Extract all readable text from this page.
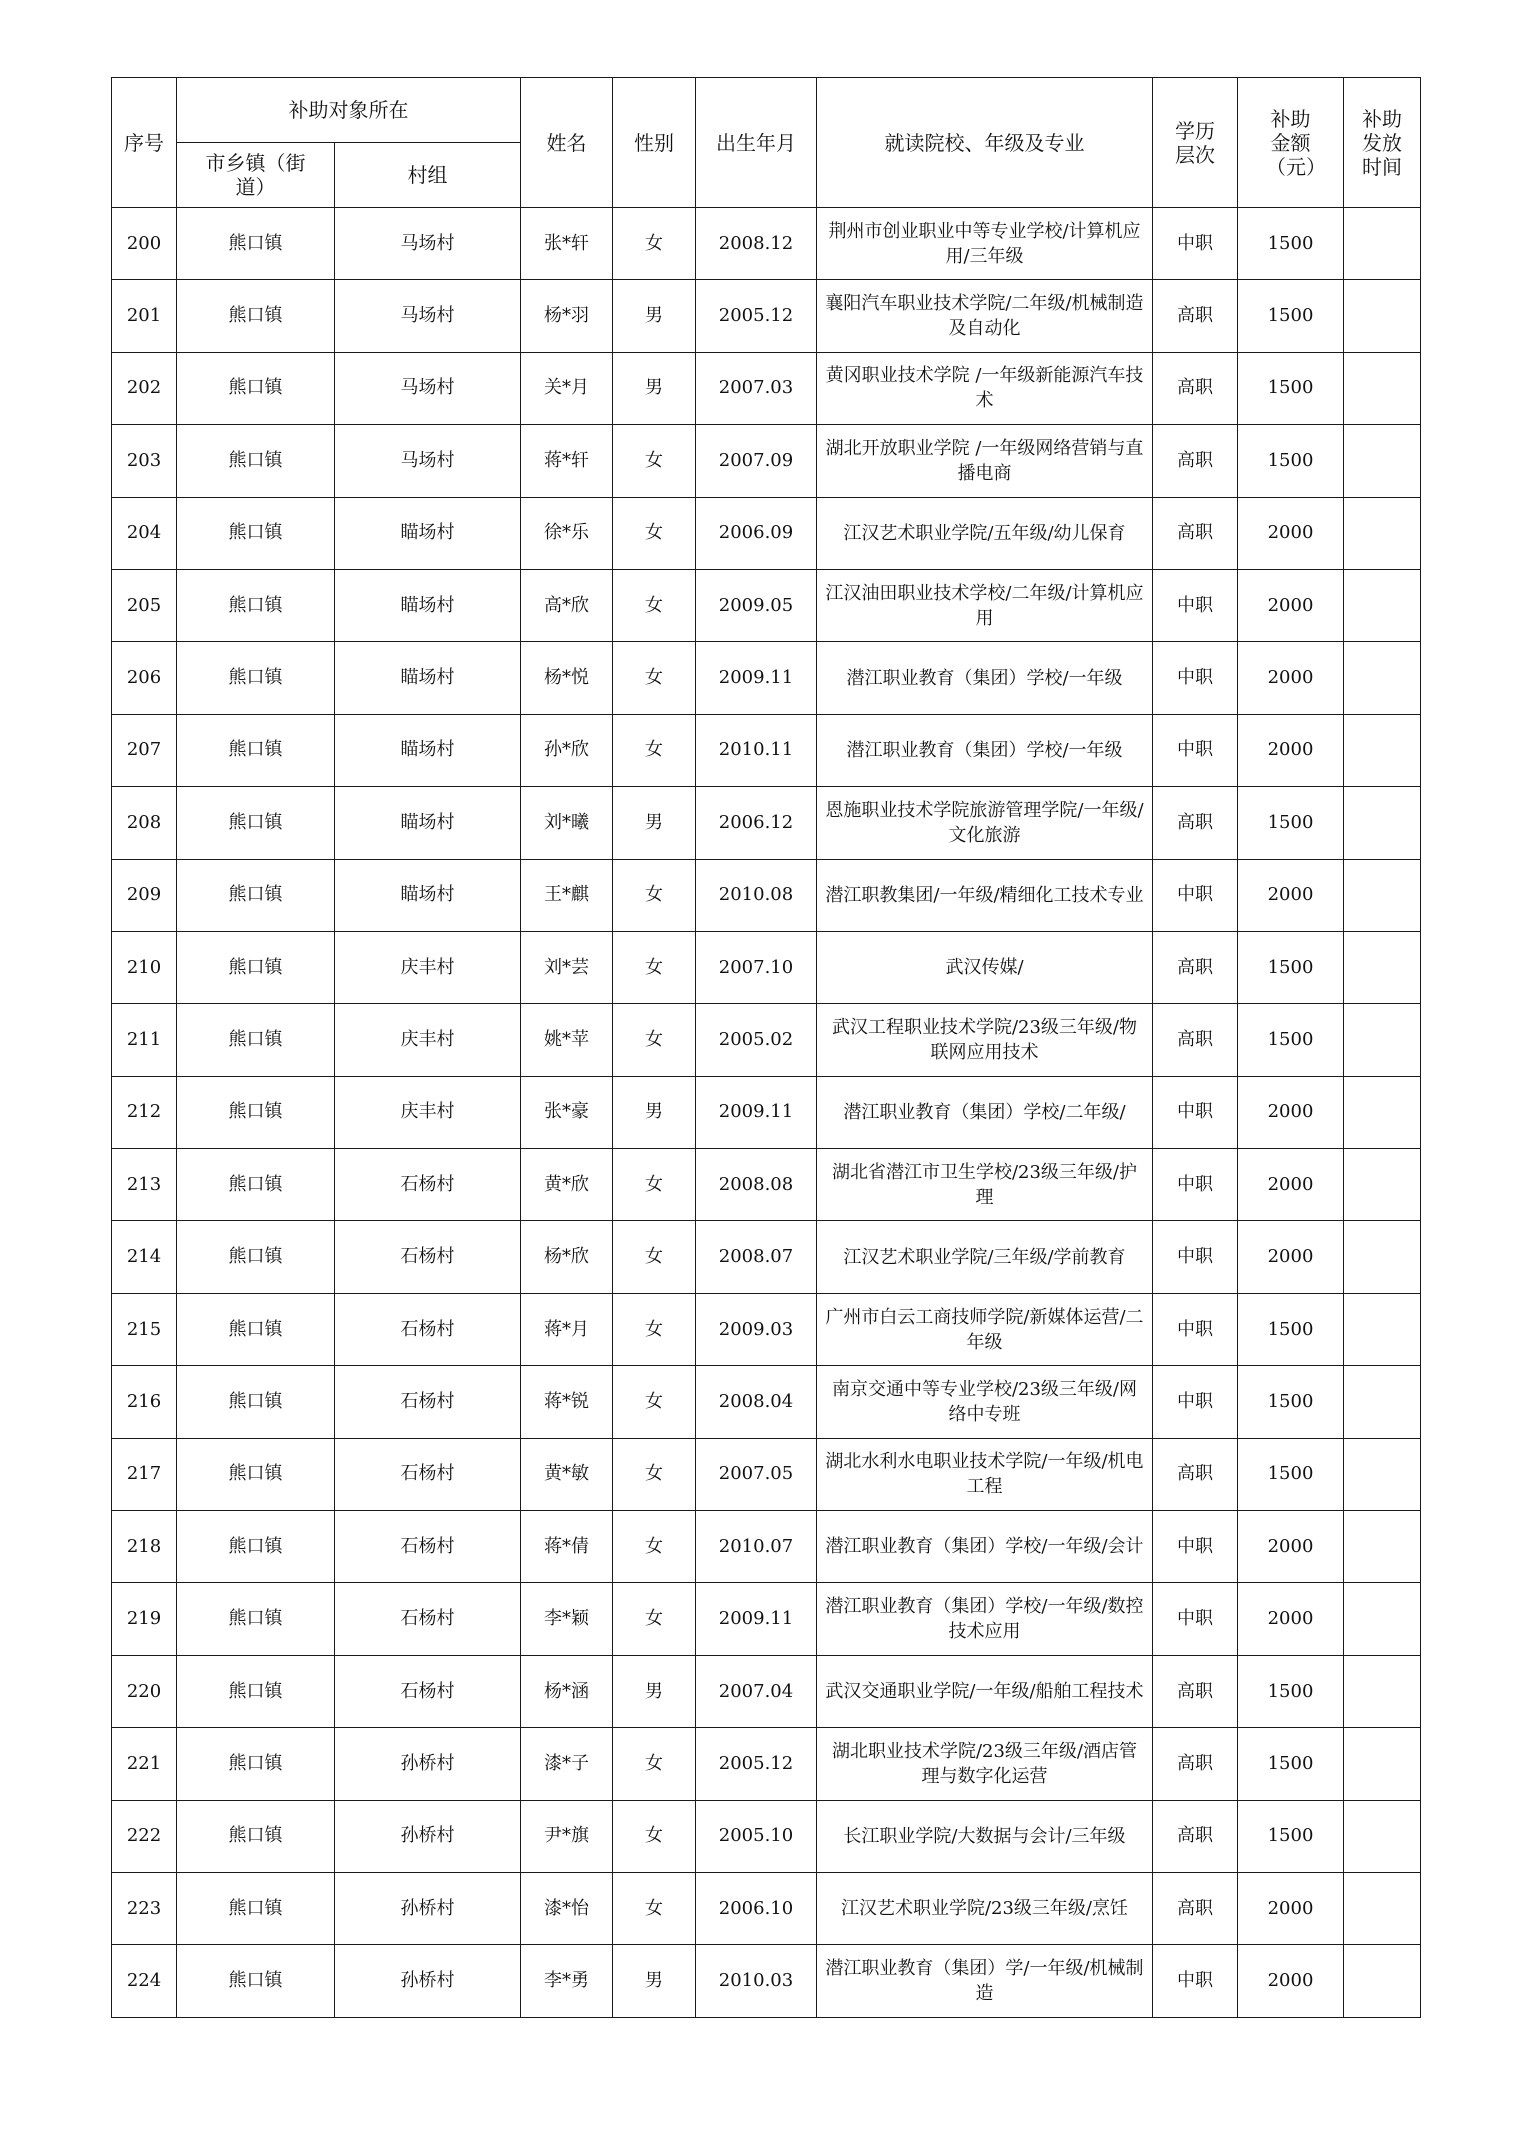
序号	补助对象所在		姓名	性别	出生年月	就读院校、年级及专业	学历层次	补助金额（元）	补助发放时间
	市乡镇（街道）	村组							
200	熊口镇	马场村	张*轩	女	2008.12	荆州市创业职业中等专业学校/计算机应用/三年级	中职	1500	
201	熊口镇	马场村	杨*羽	男	2005.12	襄阳汽车职业技术学院/二年级/机械制造及自动化	高职	1500	
202	熊口镇	马场村	关*月	男	2007.03	黄冈职业技术学院 /一年级新能源汽车技术	高职	1500	
203	熊口镇	马场村	蒋*轩	女	2007.09	湖北开放职业学院 /一年级网络营销与直播电商	高职	1500	
204	熊口镇	瞄场村	徐*乐	女	2006.09	江汉艺术职业学院/五年级/幼儿保育	高职	2000	
205	熊口镇	瞄场村	高*欣	女	2009.05	江汉油田职业技术学校/二年级/计算机应用	中职	2000	
206	熊口镇	瞄场村	杨*悦	女	2009.11	潜江职业教育（集团）学校/一年级	中职	2000	
207	熊口镇	瞄场村	孙*欣	女	2010.11	潜江职业教育（集团）学校/一年级	中职	2000	
208	熊口镇	瞄场村	刘*曦	男	2006.12	恩施职业技术学院旅游管理学院/一年级/文化旅游	高职	1500	
209	熊口镇	瞄场村	王*麒	女	2010.08	潜江职教集团/一年级/精细化工技术专业	中职	2000	
210	熊口镇	庆丰村	刘*芸	女	2007.10	武汉传媒/	高职	1500	
211	熊口镇	庆丰村	姚*苹	女	2005.02	武汉工程职业技术学院/23级三年级/物联网应用技术	高职	1500	
212	熊口镇	庆丰村	张*豪	男	2009.11	潜江职业教育（集团）学校/二年级/	中职	2000	
213	熊口镇	石杨村	黄*欣	女	2008.08	湖北省潜江市卫生学校/23级三年级/护理	中职	2000	
214	熊口镇	石杨村	杨*欣	女	2008.07	江汉艺术职业学院/三年级/学前教育	中职	2000	
215	熊口镇	石杨村	蒋*月	女	2009.03	广州市白云工商技师学院/新媒体运营/二年级	中职	1500	
216	熊口镇	石杨村	蒋*锐	女	2008.04	南京交通中等专业学校/23级三年级/网络中专班	中职	1500	
217	熊口镇	石杨村	黄*敏	女	2007.05	湖北水利水电职业技术学院/一年级/机电工程	高职	1500	
218	熊口镇	石杨村	蒋*倩	女	2010.07	潜江职业教育（集团）学校/一年级/会计	中职	2000	
219	熊口镇	石杨村	李*颖	女	2009.11	潜江职业教育（集团）学校/一年级/数控技术应用	中职	2000	
220	熊口镇	石杨村	杨*涵	男	2007.04	武汉交通职业学院/一年级/船舶工程技术	高职	1500	
221	熊口镇	孙桥村	漆*子	女	2005.12	湖北职业技术学院/23级三年级/酒店管理与数字化运营	高职	1500	
222	熊口镇	孙桥村	尹*旗	女	2005.10	长江职业学院/大数据与会计/三年级	高职	1500	
223	熊口镇	孙桥村	漆*怡	女	2006.10	江汉艺术职业学院/23级三年级/烹饪	高职	2000	
224	熊口镇	孙桥村	李*勇	男	2010.03	潜江职业教育（集团）学/一年级/机械制造	中职	2000	
